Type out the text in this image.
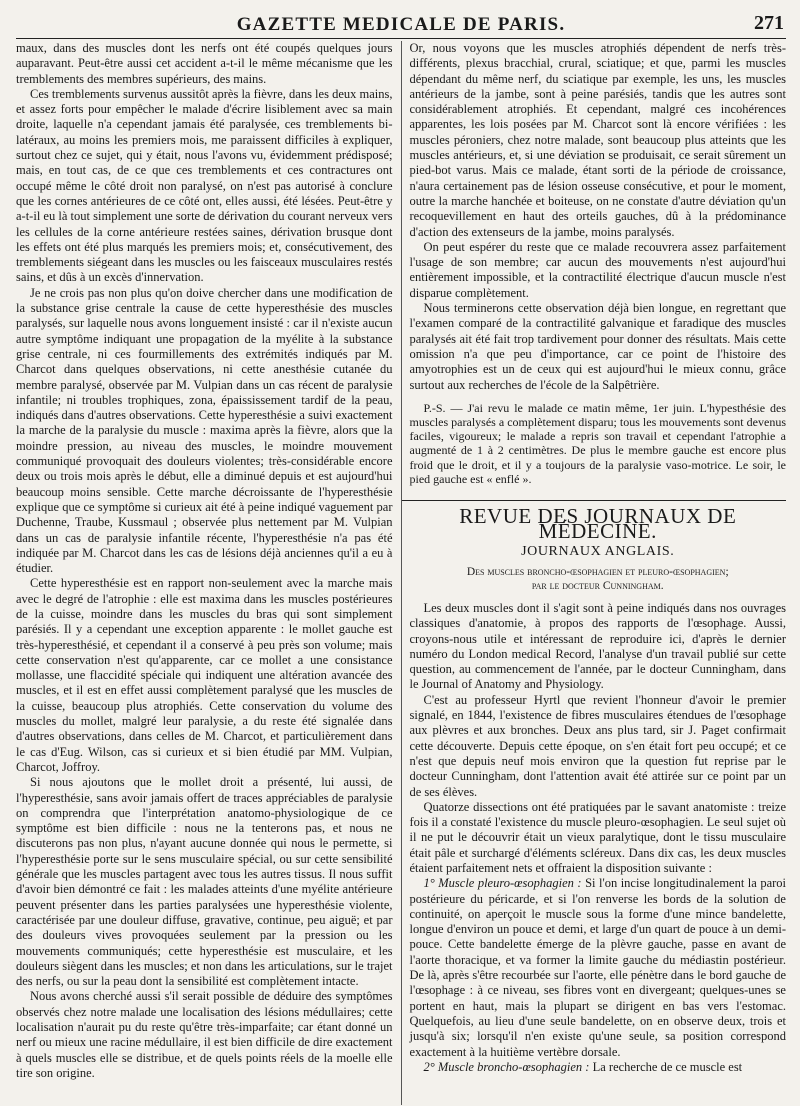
GAZETTE MEDICALE DE PARIS.	271

maux, dans des muscles dont les nerfs ont été coupés quelques jours auparavant. Peut-être aussi cet accident a-t-il le même mécanisme que les tremblements des membres supérieurs, des mains.

Ces tremblements survenus aussitôt après la fièvre, dans les deux mains, et assez forts pour empêcher le malade d'écrire lisiblement avec sa main droite, laquelle n'a cependant jamais été paralysée, ces tremblements bi-latéraux, au moins les premiers mois, me paraissent difficiles à expliquer, surtout chez ce sujet, qui y était, nous l'avons vu, évidemment prédisposé; mais, en tout cas, de ce que ces tremblements et ces contractures ont occupé même le côté droit non paralysé, on n'est pas autorisé à conclure que les cornes antérieures de ce côté ont, elles aussi, été lésées. Peut-être y a-t-il eu là tout simplement une sorte de dérivation du courant nerveux vers les cellules de la corne antérieure restées saines, dérivation brusque dont les effets ont été plus marqués les premiers mois; et, consécutivement, des tremblements siégeant dans les muscles ou les faisceaux musculaires restés sains, et dûs à un excès d'innervation.

Je ne crois pas non plus qu'on doive chercher dans une modification de la substance grise centrale la cause de cette hyperesthésie des muscles paralysés, sur laquelle nous avons longuement insisté : car il n'existe aucun autre symptôme indiquant une propagation de la myélite à la substance grise centrale, ni ces fourmillements des extrémités indiqués par M. Charcot dans quelques observations, ni cette anesthésie cutanée du membre paralysé, observée par M. Vulpian dans un cas récent de paralysie infantile; ni troubles trophiques, zona, épaississement tardif de la peau, indiqués dans d'autres observations. Cette hyperesthésie a suivi exactement la marche de la paralysie du muscle : maxima après la fièvre, alors que la moindre pression, au niveau des muscles, le moindre mouvement communiqué provoquait des douleurs violentes; très-considérable encore deux ou trois mois après le début, elle a diminué depuis et est aujourd'hui beaucoup moins sensible. Cette marche décroissante de l'hyperesthésie explique que ce symptôme si curieux ait été à peine indiqué vaguement par Duchenne, Traube, Kussmaul ; observée plus nettement par M. Vulpian dans un cas de paralysie infantile récente, l'hyperesthésie n'a pas été indiquée par M. Charcot dans les cas de lésions déjà anciennes qu'il a eu à étudier.

Cette hyperesthésie est en rapport non-seulement avec la marche mais avec le degré de l'atrophie : elle est maxima dans les muscles postérieures de la cuisse, moindre dans les muscles du bras qui sont simplement parésiés. Il y a cependant une exception apparente : le mollet gauche est très-hyperesthésié, et cependant il a conservé à peu près son volume; mais cette conservation n'est qu'apparente, car ce mollet a une consistance mollasse, une flaccidité spéciale qui indiquent une altération avancée des muscles, et il est en effet aussi complètement paralysé que les muscles de la cuisse, beaucoup plus atrophiés. Cette conservation du volume des muscles du mollet, malgré leur paralysie, a du reste été signalée dans d'autres observations, dans celles de M. Charcot, et particulièrement dans le cas d'Eug. Wilson, cas si curieux et si bien étudié par MM. Vulpian, Charcot, Joffroy.

Si nous ajoutons que le mollet droit a présenté, lui aussi, de l'hyperesthésie, sans avoir jamais offert de traces appréciables de paralysie on comprendra que l'interprétation anatomo-physiologique de ce symptôme est bien difficile : nous ne la tenterons pas, et nous ne discuterons pas non plus, n'ayant aucune donnée qui nous le permette, si l'hyperesthésie porte sur le sens musculaire spécial, ou sur cette sensibilité générale que les muscles partagent avec tous les autres tissus. Il nous suffit d'avoir bien démontré ce fait : les malades atteints d'une myélite antérieure peuvent présenter dans les parties paralysées une hyperesthésie violente, caractérisée par une douleur diffuse, gravative, continue, peu aiguë; et par des douleurs vives provoquées seulement par la pression ou les mouvements communiqués; cette hyperesthésie est musculaire, et les douleurs siègent dans les muscles; et non dans les articulations, sur le trajet des nerfs, ou sur la peau dont la sensibilité est complètement intacte.

Nous avons cherché aussi s'il serait possible de déduire des symptômes observés chez notre malade une localisation des lésions médullaires; cette localisation n'aurait pu du reste qu'être très-imparfaite; car étant donné un nerf ou mieux une racine médullaire, il est bien difficile de dire exactement à quels muscles elle se distribue, et de quels points réels de la moelle elle tire son origine.

Or, nous voyons que les muscles atrophiés dépendent de nerfs très-différents, plexus bracchial, crural, sciatique; et que, parmi les muscles dépendant du même nerf, du sciatique par exemple, les uns, les muscles antérieurs de la jambe, sont à peine parésiés, tandis que les autres sont considérablement atrophiés. Et cependant, malgré ces incohérences apparentes, les lois posées par M. Charcot sont là encore vérifiées : les muscles péroniers, chez notre malade, sont beaucoup plus atteints que les muscles antérieurs, et, si une déviation se produisait, ce serait sûrement un pied-bot varus. Mais ce malade, étant sorti de la période de croissance, n'aura certainement pas de lésion osseuse consécutive, et pour le moment, outre la marche hanchée et boiteuse, on ne constate d'autre déviation qu'un recoquevillement en haut des orteils gauches, dû à la prédominance d'action des extenseurs de la jambe, moins paralysés.

On peut espérer du reste que ce malade recouvrera assez parfaitement l'usage de son membre; car aucun des mouvements n'est aujourd'hui entièrement impossible, et la contractilité électrique d'aucun muscle n'est disparue complètement.

Nous terminerons cette observation déjà bien longue, en regrettant que l'examen comparé de la contractilité galvanique et faradique des muscles paralysés ait été fait trop tardivement pour donner des résultats. Mais cette omission n'a que peu d'importance, car ce point de l'histoire des amyotrophies est un de ceux qui est aujourd'hui le mieux connu, grâce surtout aux recherches de l'école de la Salpêtrière.

P.-S. — J'ai revu le malade ce matin même, 1er juin. L'hypesthésie des muscles paralysés a complètement disparu; tous les mouvements sont devenus faciles, vigoureux; le malade a repris son travail et cependant l'atrophie a augmenté de 1 à 2 centimètres. De plus le membre gauche est encore plus froid que le droit, et il y a toujours de la paralysie vaso-motrice. Le soir, le pied gauche est « enflé ».

REVUE DES JOURNAUX DE MÉDECINE.
JOURNAUX ANGLAIS.
Des muscles broncho-œsophagien et pleuro-œsophagien;
par le docteur Cunningham.

Les deux muscles dont il s'agit sont à peine indiqués dans nos ouvrages classiques d'anatomie, à propos des rapports de l'œsophage. Aussi, croyons-nous utile et intéressant de reproduire ici, d'après le dernier numéro du London medical Record, l'analyse d'un travail publié sur cette question, au commencement de l'année, par le docteur Cunningham, dans le Journal of Anatomy and Physiology.

C'est au professeur Hyrtl que revient l'honneur d'avoir le premier signalé, en 1844, l'existence de fibres musculaires étendues de l'œsophage aux plèvres et aux bronches. Deux ans plus tard, sir J. Paget confirmait cette découverte. Depuis cette époque, on s'en était fort peu occupé; et ce n'est que depuis neuf mois environ que la question fut reprise par le docteur Cunningham, dont l'attention avait été attirée sur ce point par un de ses élèves.

Quatorze dissections ont été pratiquées par le savant anatomiste : treize fois il a constaté l'existence du muscle pleuro-œsophagien. Le seul sujet où il ne put le découvrir était un vieux paralytique, dont le tissu musculaire était pâle et surchargé d'éléments scléreux. Dans dix cas, les deux muscles étaient parfaitement nets et offraient la disposition suivante :

1° Muscle pleuro-œsophagien : Si l'on incise longitudinalement la paroi postérieure du péricarde, et si l'on renverse les bords de la solution de continuité, on aperçoit le muscle sous la forme d'une mince bandelette, longue d'environ un pouce et demi, et large d'un quart de pouce à un demi-pouce. Cette bandelette émerge de la plèvre gauche, passe en avant de l'aorte thoracique, et va former la limite gauche du médiastin postérieur. De là, après s'être recourbée sur l'aorte, elle pénètre dans le bord gauche de l'œsophage : à ce niveau, ses fibres vont en divergeant; quelques-unes se portent en haut, mais la plupart se dirigent en bas vers l'estomac. Quelquefois, au lieu d'une seule bandelette, on en observe deux, trois et jusqu'à six; lorsqu'il n'en existe qu'une seule, sa position correspond exactement à la huitième vertèbre dorsale.

2° Muscle broncho-œsophagien : La recherche de ce muscle est
